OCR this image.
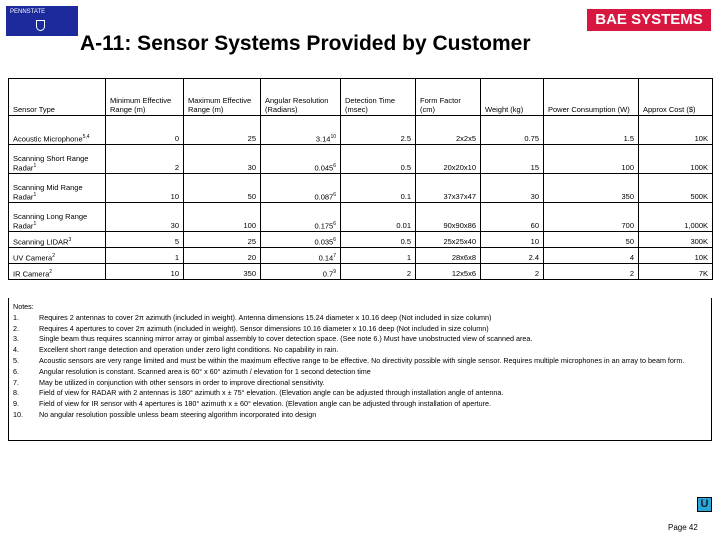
PENNSTATE	BAE SYSTEMS
A-11: Sensor Systems Provided by Customer
Sensor Type	Minimum Effective Range (m)	Maximum Effective Range (m)	Angular Resolution (Radians)	Detection Time (msec)	Form Factor (cm)	Weight (kg)	Power Consumption (W)	Approx Cost ($)
Acoustic Microphone$^{5,4}$	0	25	3.14$^{10}$	2.5	2x2x5	0.75	1.5	10K
Scanning Short Range Radar$^1$	2	30	0.045$^6$	0.5	20x20x10	15	100	100K
Scanning Mid Range Radar$^1$	10	50	0.087$^6$	0.1	37x37x47	30	350	500K
Scanning Long Range Radar$^1$	30	100	0.175$^6$	0.01	90x90x86	60	700	1,000K
Scanning LIDAR$^3$	5	25	0.035$^6$	0.5	25x25x40	10	50	300K
UV Camera$^2$	1	20	0.14$^7$	1	28x6x8	2.4	4	10K
IR Camera$^2$	10	350	$0.7^9$	2	12x5x6	2	2	7K
Notes:
1.	Requires 2 antennas to cover 2π azimuth (included in weight). Antenna dimensions 15.24 diameter x 10.16 deep (Not included in size column)
2.	Requires 4 apertures to cover 2π azimuth (included in weight). Sensor dimensions 10.16 diameter x 10.16 deep (Not included in size column)
3.	Single beam thus requires scanning mirror array or gimbal assembly to cover detection space. (See note 6.) Must have unobstructed view of scanned area.
4.	Excellent short range detection and operation under zero light conditions. No capability in rain.
5.	Acoustic sensors are very range limited and must be within the maximum effective range to be effective. No directivity possible with single sensor. Requires multiple microphones in an array to beam form.
6.	Angular resolution is constant. Scanned area is 60° x 60° azimuth / elevation for 1 second detection time
7.	May be utilized in conjunction with other sensors in order to improve directional sensitivity.
8.	Field of view for RADAR with 2 antennas is 180° azimuth x ± 75° elevation. (Elevation angle can be adjusted through installation angle of antenna.
9.	Field of view for IR sensor with 4 apertures is 180° azimuth x ± 60° elevation. (Elevation angle can be adjusted through installation of aperture.
10.	No angular resolution possible unless beam steering algorithm incorporated into design
U
Page 42
